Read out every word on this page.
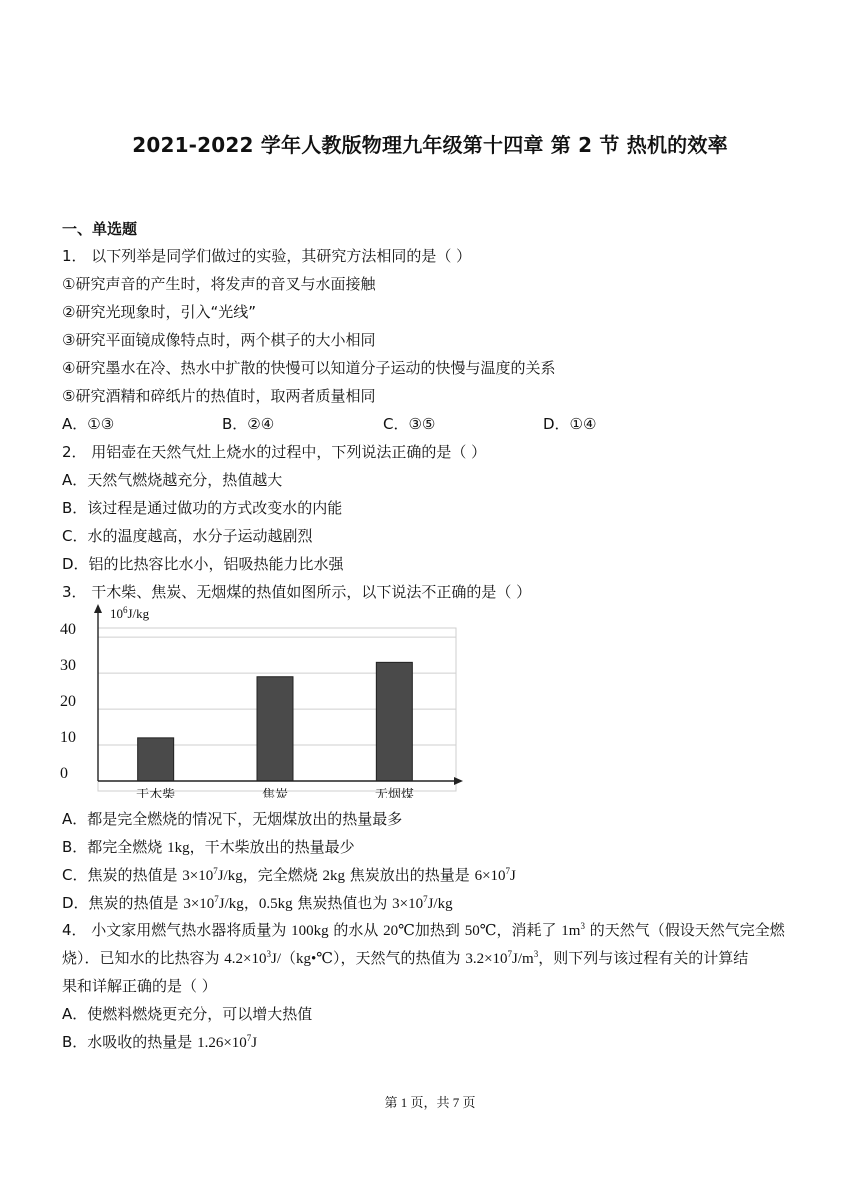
2021-2022 学年人教版物理九年级第十四章 第 2 节 热机的效率
一、单选题
1． 以下列举是同学们做过的实验，其研究方法相同的是（ ）
①研究声音的产生时，将发声的音叉与水面接触
②研究光现象时，引入“光线”
③研究平面镜成像特点时，两个棋子的大小相同
④研究墨水在冷、热水中扩散的快慢可以知道分子运动的快慢与温度的关系
⑤研究酒精和碎纸片的热值时，取两者质量相同
A．①③	B．②④	C．③⑤	D．①④
2． 用铝壶在天然气灶上烧水的过程中，下列说法正确的是（ ）
A．天然气燃烧越充分，热值越大
B．该过程是通过做功的方式改变水的内能
C．水的温度越高，水分子运动越剧烈
D．铝的比热容比水小，铝吸热能力比水强
3． 干木柴、焦炭、无烟煤的热值如图所示，以下说法不正确的是（ ）
$10^6J/kg$
0
10
20
30
40
干木柴	焦炭	无烟煤
A．都是完全燃烧的情况下，无烟煤放出的热量最多
B．都完全燃烧 1kg，干木柴放出的热量最少
C．焦炭的热值是 $3\times 10^7J/kg$，完全燃烧 2kg 焦炭放出的热量是 $6\times 10^7J$
D．焦炭的热值是 $3\times 10^7J/kg$，0.5kg 焦炭热值也为 $3\times 10^7J/kg$
4． 小文家用燃气热水器将质量为 100kg 的水从 20℃加热到 50℃，消耗了 $1m^3$ 的天然气（假设天然气完全燃
烧）．已知水的比热容为 $4.2\times 10^3J/(kg•℃)$，天然气的热值为 $3.2\times 10^7J/m^3$，则下列与该过程有关的计算结
果和详解正确的是（ ）
A．使燃料燃烧更充分，可以增大热值
B．水吸收的热量是 $1.26\times 10^7J$
第 1 页，共 7 页
